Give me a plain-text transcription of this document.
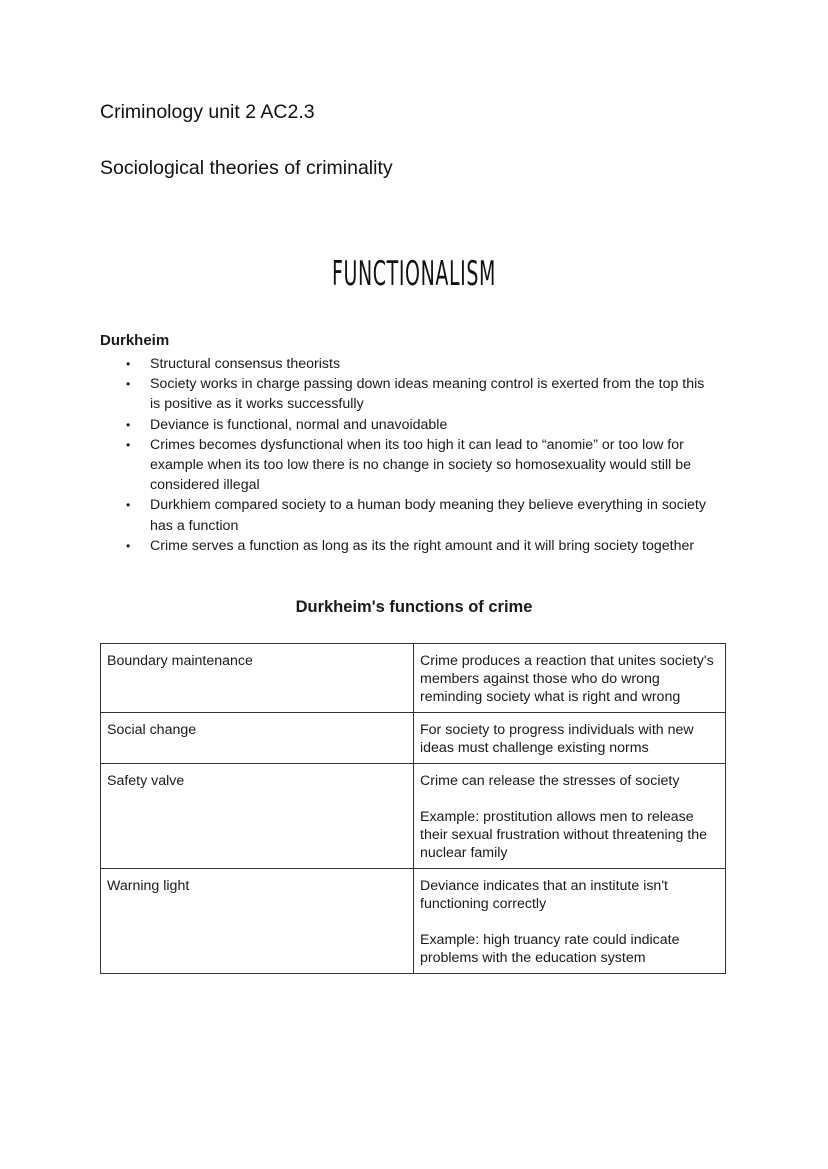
Criminology unit 2 AC2.3
Sociological theories of criminality
FUNCTIONALISM
Durkheim
• Structural consensus theorists
• Society works in charge passing down ideas meaning control is exerted from the top this is positive as it works successfully
• Deviance is functional, normal and unavoidable
• Crimes becomes dysfunctional when its too high it can lead to “anomie” or too low for example when its too low there is no change in society so homosexuality would still be considered illegal
• Durkhiem compared society to a human body meaning they believe everything in society has a function
• Crime serves a function as long as its the right amount and it will bring society together
Durkheim's functions of crime
Boundary maintenance	Crime produces a reaction that unites society's members against those who do wrong reminding society what is right and wrong

Social change	For society to progress individuals with new ideas must challenge existing norms

Safety valve	Crime can release the stresses of society

Example: prostitution allows men to release their sexual frustration without threatening the nuclear family

Warning light	Deviance indicates that an institute isn't functioning correctly

Example: high truancy rate could indicate problems with the education system
